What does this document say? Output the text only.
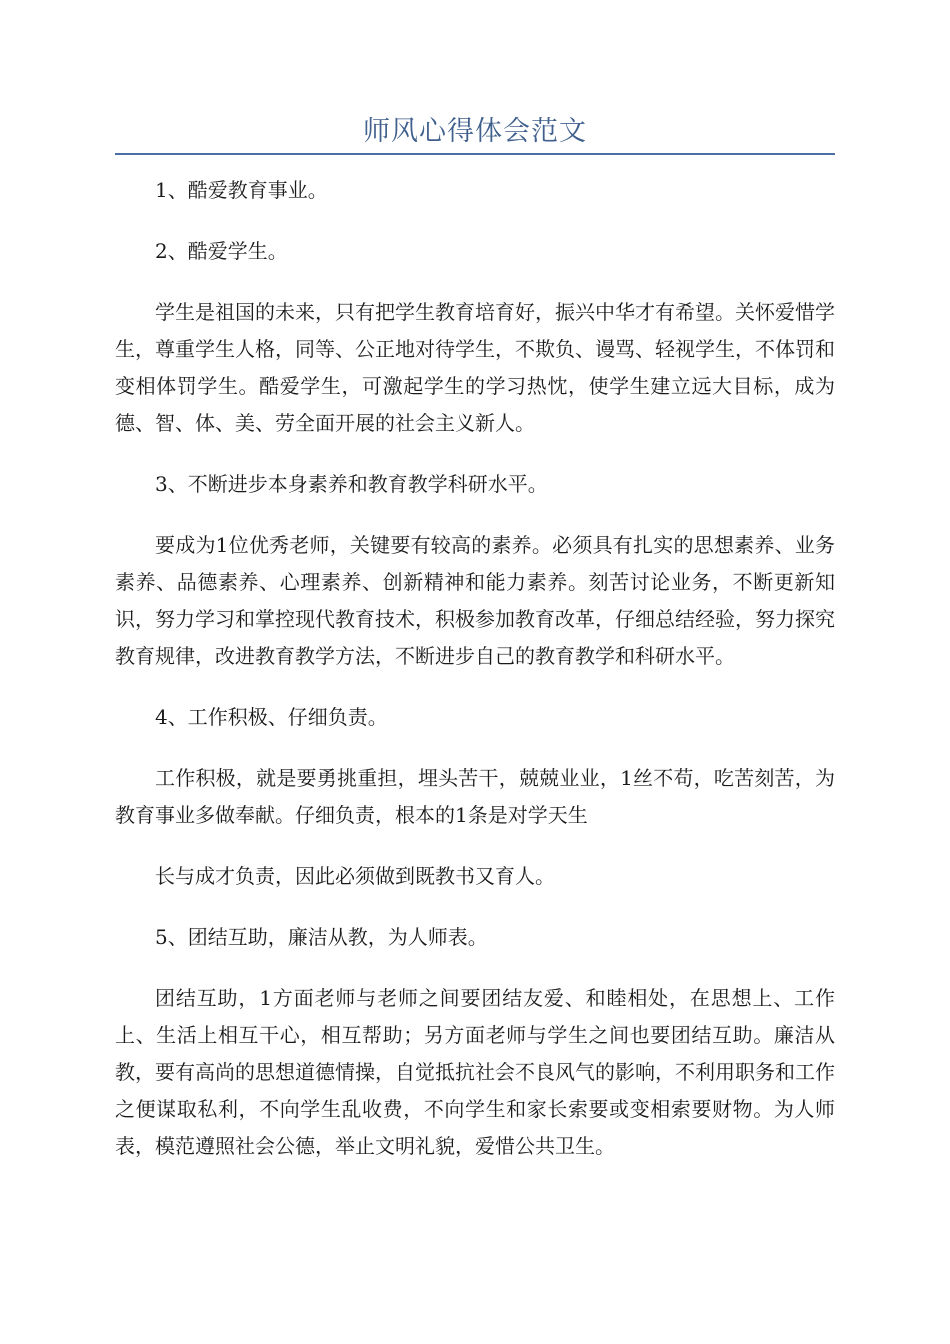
师风心得体会范文

1、酷爱教育事业。

2、酷爱学生。

学生是祖国的未来，只有把学生教育培育好，振兴中华才有希望。关怀爱惜学生，尊重学生人格，同等、公正地对待学生，不欺负、谩骂、轻视学生，不体罚和变相体罚学生。酷爱学生，可激起学生的学习热忱，使学生建立远大目标，成为德、智、体、美、劳全面开展的社会主义新人。

3、不断进步本身素养和教育教学科研水平。

要成为1位优秀老师，关键要有较高的素养。必须具有扎实的思想素养、业务素养、品德素养、心理素养、创新精神和能力素养。刻苦讨论业务，不断更新知识，努力学习和掌控现代教育技术，积极参加教育改革，仔细总结经验，努力探究教育规律，改进教育教学方法，不断进步自己的教育教学和科研水平。

4、工作积极、仔细负责。

工作积极，就是要勇挑重担，埋头苦干，兢兢业业，1丝不苟，吃苦刻苦，为教育事业多做奉献。仔细负责，根本的1条是对学天生

长与成才负责，因此必须做到既教书又育人。

5、团结互助，廉洁从教，为人师表。

团结互助，1方面老师与老师之间要团结友爱、和睦相处，在思想上、工作上、生活上相互干心，相互帮助；另方面老师与学生之间也要团结互助。廉洁从教，要有高尚的思想道德情操，自觉抵抗社会不良风气的影响，不利用职务和工作之便谋取私利，不向学生乱收费，不向学生和家长索要或变相索要财物。为人师表，模范遵照社会公德，举止文明礼貌，爱惜公共卫生。
